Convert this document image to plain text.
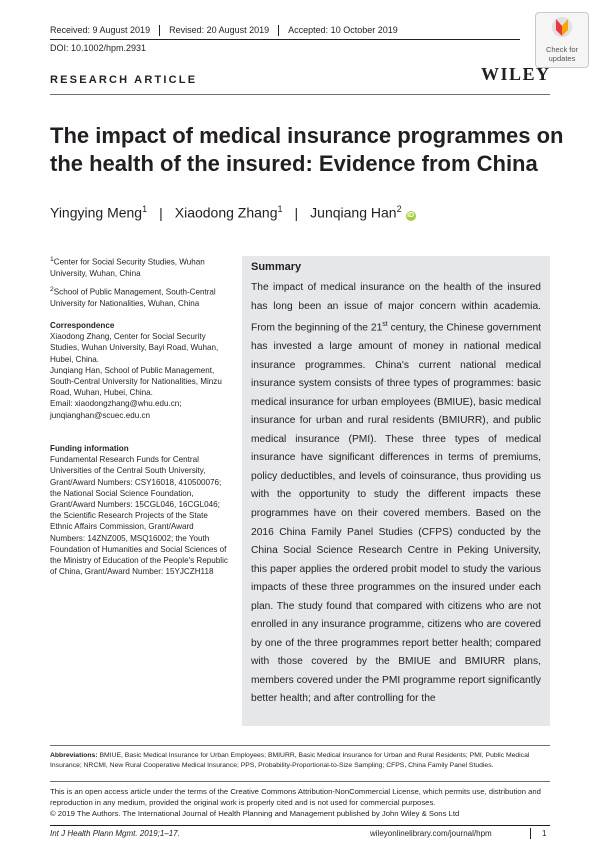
Received: 9 August 2019 Revised: 20 August 2019 Accepted: 10 October 2019
DOI: 10.1002/hpm.2931	Check for
updates
RESEARCH ARTICLE	WILEY
The impact of medical insurance programmes on the health of the insured: Evidence from China
Yingying Meng$^1$ | Xiaodong Zhang$^1$ | Junqiang Han$^2$iD

$^1$Center for Social Security Studies, Wuhan University, Wuhan, China

$^2$School of Public Management, South-Central University for Nationalities, Wuhan, China

Correspondence

Xiaodong Zhang, Center for Social Security Studies, Wuhan University, Bayi Road, Wuhan, Hubei, China.

Junqiang Han, School of Public Management, South-Central University for Nationalities, Minzu Road, Wuhan, Hubei, China.

Email: xiaodongzhang@whu.edu.cn;

junqianghan@scuec.edu.cn

Funding information

Fundamental Research Funds for Central Universities of the Central South University, Grant/Award Numbers: CSY16018, 410500076; the National Social Science Foundation, Grant/Award Numbers: 15CGL046, 16CGL046; the Scientific Research Projects of the State Ethnic Affairs Commission, Grant/Award Numbers: 14ZNZ005, MSQ16002; the Youth Foundation of Humanities and Social Sciences of the Ministry of Education of the People's Republic of China, Grant/Award Number: 15YJCZH118

Summary
The impact of medical insurance on the health of the insured has long been an issue of major concern within academia. From the beginning of the 21st century, the Chinese government has invested a large amount of money in national medical insurance programmes. China's current national medical insurance system consists of three types of programmes: basic medical insurance for urban employees (BMIUE), basic medical insurance for urban and rural residents (BMIURR), and public medical insurance (PMI). These three types of medical insurance have significant differences in terms of premiums, policy deductibles, and levels of coinsurance, thus providing us with the opportunity to study the different impacts these programmes have on their covered members. Based on the 2016 China Family Panel Studies (CFPS) conducted by the China Social Science Research Centre in Peking University, this paper applies the ordered probit model to study the various impacts of these three programmes on the insured under each plan. The study found that compared with citizens who are not enrolled in any insurance programme, citizens who are covered by one of the three programmes report better health; compared with those covered by the BMIUE and BMIURR plans, members covered under the PMI programme report significantly better health; and after controlling for the
Abbreviations: BMIUE, Basic Medical Insurance for Urban Employees; BMIURR, Basic Medical Insurance for Urban and Rural Residents; PMI, Public Medical Insurance; NRCMI, New Rural Cooperative Medical Insurance; PPS, Probability-Proportional-to-Size Sampling; CFPS, China Family Panel Studies.
This is an open access article under the terms of the Creative Commons Attribution-NonCommercial License, which permits use, distribution and reproduction in any medium, provided the original work is properly cited and is not used for commercial purposes.
© 2019 The Authors. The International Journal of Health Planning and Management published by John Wiley & Sons Ltd
Int J Health Plann Mgmt. 2019;1–17.	wileyonlinelibrary.com/journal/hpm	1
